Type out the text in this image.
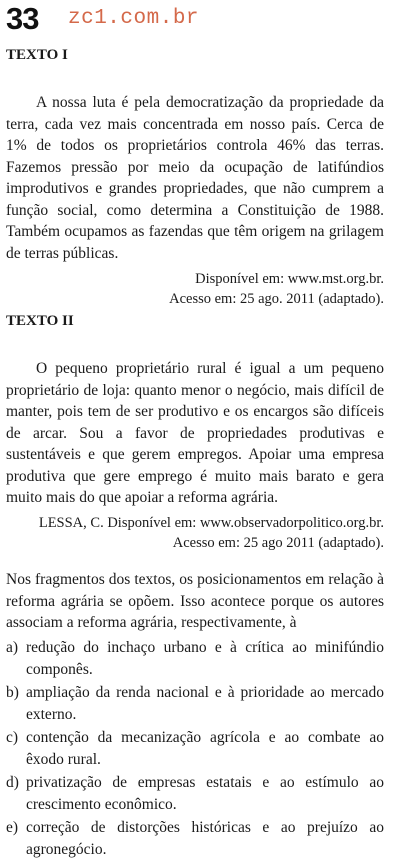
33 zc1.com.br
TEXTO I

A nossa luta é pela democratização da propriedade da terra, cada vez mais concentrada em nosso país. Cerca de 1% de todos os proprietários controla 46% das terras. Fazemos pressão por meio da ocupação de latifúndios improdutivos e grandes propriedades, que não cumprem a função social, como determina a Constituição de 1988. Também ocupamos as fazendas que têm origem na grilagem de terras públicas.

Disponível em: www.mst.org.br.

Acesso em: 25 ago. 2011 (adaptado).

TEXTO II

O pequeno proprietário rural é igual a um pequeno proprietário de loja: quanto menor o negócio, mais difícil de manter, pois tem de ser produtivo e os encargos são difíceis de arcar. Sou a favor de propriedades produtivas e sustentáveis e que gerem empregos. Apoiar uma empresa produtiva que gere emprego é muito mais barato e gera muito mais do que apoiar a reforma agrária.

LESSA, C. Disponível em: www.observadorpolitico.org.br.

Acesso em: 25 ago 2011 (adaptado).

Nos fragmentos dos textos, os posicionamentos em relação à reforma agrária se opõem. Isso acontece porque os autores associam a reforma agrária, respectivamente, à

a) redução do inchaço urbano e à crítica ao minifúndio componês.
b) ampliação da renda nacional e à prioridade ao mercado externo.
c) contenção da mecanização agrícola e ao combate ao êxodo rural.
d) privatização de empresas estatais e ao estímulo ao crescimento econômico.
e) correção de distorções históricas e ao prejuízo ao agronegócio.
